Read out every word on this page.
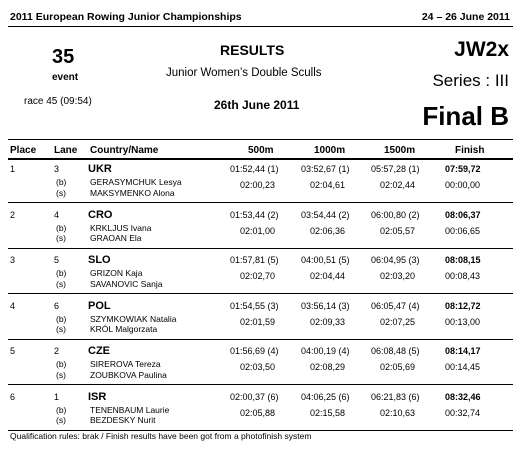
2011 European Rowing Junior Championships	24 – 26 June 2011
35
event
race 45 (09:54)
RESULTS
Junior Women’s Double Sculls
26th June 2011
JW2x
Series : III
Final B
Place Lane Country/Name	500m	1000m	1500m	Finish
1	3	UKR	01:52,44 (1) 03:52,67 (1) 05:57,28 (1)	07:59,72
02:00,23	02:04,61	02:02,44	00:00,00
(b)	GERASYMCHUK Lesya
(s)	MAKSYMENKO Alona
2	4	CRO	01:53,44 (2) 03:54,44 (2) 06:00,80 (2)	08:06,37
02:01,00	02:06,36	02:05,57	00:06,65
(b)	KRKLJUS Ivana
(s)	GRAOAN Ela
3	5	SLO	01:57,81 (5) 04:00,51 (5) 06:04,95 (3)	08:08,15
02:02,70	02:04,44	02:03,20	00:08,43
(b)	GRIZON Kaja
(s)	SAVANOVIC Sanja
4	6	POL	01:54,55 (3) 03:56,14 (3) 06:05,47 (4)	08:12,72
02:01,59	02:09,33	02:07,25	00:13,00
(b)	SZYMKOWIAK Natalia
(s)	KRÓL Malgorzata
5	2	CZE	01:56,69 (4) 04:00,19 (4) 06:08,48 (5)	08:14,17
02:03,50	02:08,29	02:05,69	00:14,45
(b)	SIREROVA Tereza
(s)	ZOUBKOVA Paulina
6	1	ISR	02:00,37 (6) 04:06,25 (6) 06:21,83 (6)	08:32,46
02:05,88	02:15,58	02:10,63	00:32,74
(b)	TENENBAUM Laurie
(s)	BEZDESKY Nurit
Qualification rules: brak / Finish results have been got from a photofinish system
